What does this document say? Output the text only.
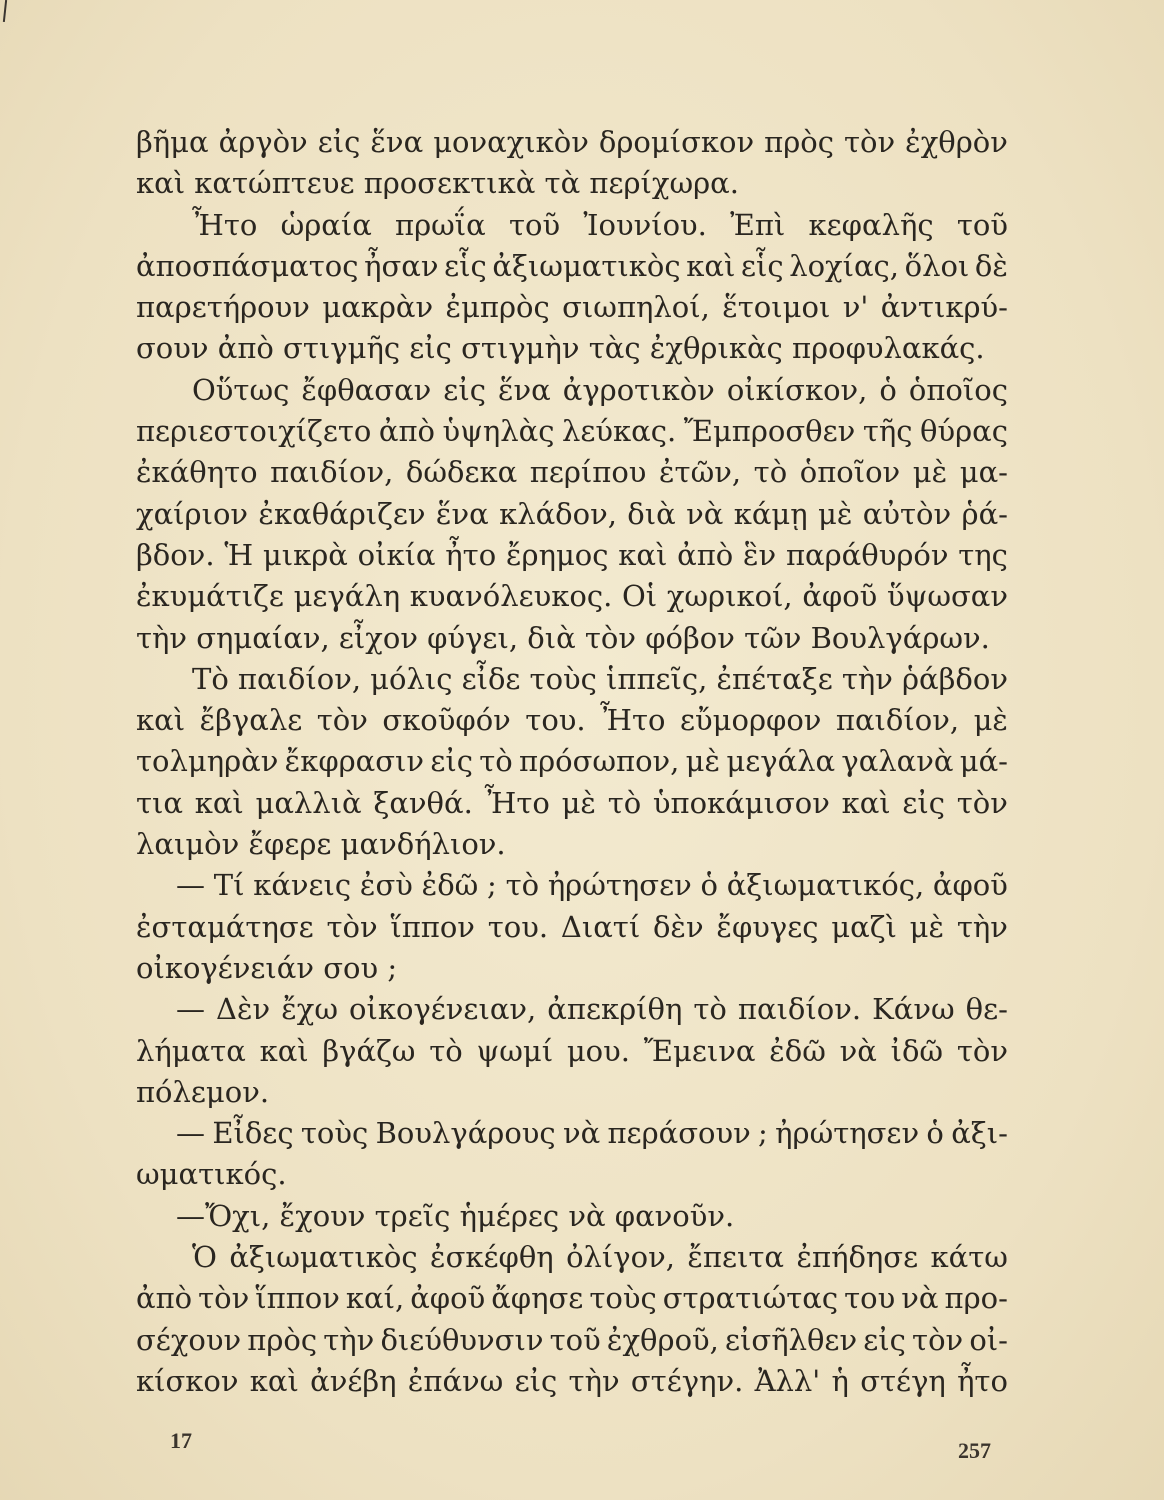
βῆμα ἀργὸν εἰς ἕνα μοναχικὸν δρομίσκον πρὸς τὸν ἐχθρὸν
καὶ κατώπτευε προσεκτικὰ τὰ περίχωρα.
Ἦτο ὡραία πρωΐα τοῦ Ἰουνίου. Ἐπὶ κεφαλῆς τοῦ
ἀποσπάσματος ἦσαν εἷς ἀξιωματικὸς καὶ εἷς λοχίας, ὅλοι δὲ
παρετήρουν μακρὰν ἐμπρὸς σιωπηλοί, ἕτοιμοι ν' ἀντικρύ-
σουν ἀπὸ στιγμῆς εἰς στιγμὴν τὰς ἐχθρικὰς προφυλακάς.
Οὕτως ἔφθασαν εἰς ἕνα ἀγροτικὸν οἰκίσκον, ὁ ὁποῖος
περιεστοιχίζετο ἀπὸ ὑψηλὰς λεύκας. Ἔμπροσθεν τῆς θύρας
ἐκάθητο παιδίον, δώδεκα περίπου ἐτῶν, τὸ ὁποῖον μὲ μα-
χαίριον ἐκαθάριζεν ἕνα κλάδον, διὰ νὰ κάμῃ μὲ αὐτὸν ῥά-
βδον. Ἡ μικρὰ οἰκία ἦτο ἔρημος καὶ ἀπὸ ἓν παράθυρόν της
ἐκυμάτιζε μεγάλη κυανόλευκος. Οἱ χωρικοί, ἀφοῦ ὕψωσαν
τὴν σημαίαν, εἶχον φύγει, διὰ τὸν φόβον τῶν Βουλγάρων.
Τὸ παιδίον, μόλις εἶδε τοὺς ἱππεῖς, ἐπέταξε τὴν ῥάβδον
καὶ ἔβγαλε τὸν σκοῦφόν του. Ἦτο εὔμορφον παιδίον, μὲ
τολμηρὰν ἔκφρασιν εἰς τὸ πρόσωπον, μὲ μεγάλα γαλανὰ μά-
τια καὶ μαλλιὰ ξανθά. Ἦτο μὲ τὸ ὑποκάμισον καὶ εἰς τὸν
λαιμὸν ἔφερε μανδήλιον.
— Τί κάνεις ἐσὺ ἐδῶ ; τὸ ἠρώτησεν ὁ ἀξιωματικός, ἀφοῦ
ἐσταμάτησε τὸν ἵππον του. Διατί δὲν ἔφυγες μαζὶ μὲ τὴν
οἰκογένειάν σου ;
— Δὲν ἔχω οἰκογένειαν, ἀπεκρίθη τὸ παιδίον. Κάνω θε-
λήματα καὶ βγάζω τὸ ψωμί μου. Ἔμεινα ἐδῶ νὰ ἰδῶ τὸν
πόλεμον.
— Εἶδες τοὺς Βουλγάρους νὰ περάσουν ; ἠρώτησεν ὁ ἀξι-
ωματικός.
—Ὄχι, ἔχουν τρεῖς ἡμέρες νὰ φανοῦν.
Ὁ ἀξιωματικὸς ἐσκέφθη ὀλίγον, ἔπειτα ἐπήδησε κάτω
ἀπὸ τὸν ἵππον καί, ἀφοῦ ἄφησε τοὺς στρατιώτας του νὰ προ-
σέχουν πρὸς τὴν διεύθυνσιν τοῦ ἐχθροῦ, εἰσῆλθεν εἰς τὸν οἰ-
κίσκον καὶ ἀνέβη ἐπάνω εἰς τὴν στέγην. Ἀλλ' ἡ στέγη ἦτο
17	257
